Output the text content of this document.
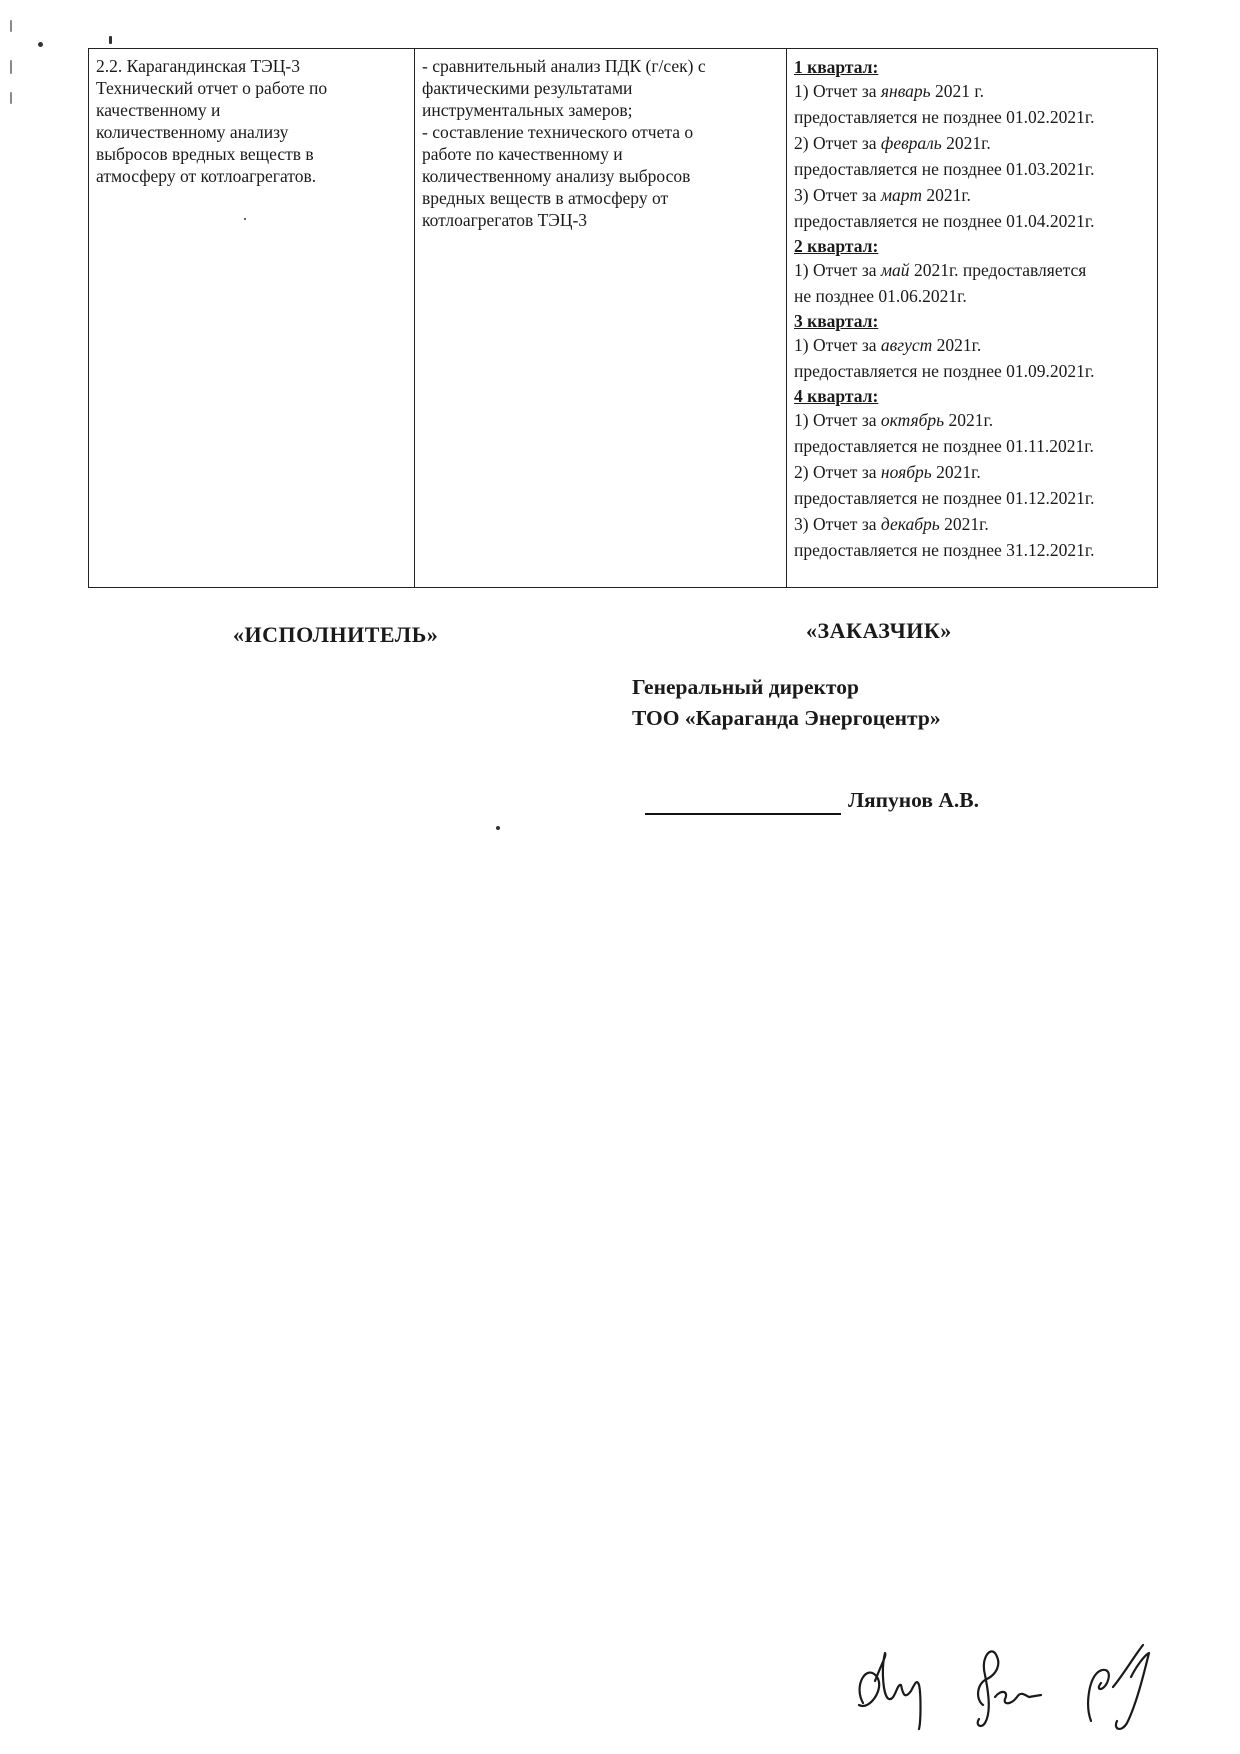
2.2. Карагандинская ТЭЦ-3
Технический отчет о работе по
качественному и
количественному анализу
выбросов вредных веществ в
атмосферу от котлоагрегатов.

- сравнительный анализ ПДК (г/сек) с
фактическими результатами
инструментальных замеров;
- составление технического отчета о
работе по качественному и
количественному анализу выбросов
вредных веществ в атмосферу от
котлоагрегатов ТЭЦ-3

1 квартал:
1) Отчет за январь 2021 г.
предоставляется не позднее 01.02.2021г.
2) Отчет за февраль 2021г.
предоставляется не позднее 01.03.2021г.
3) Отчет за март 2021г.
предоставляется не позднее 01.04.2021г.
2 квартал:
1) Отчет за май 2021г. предоставляется
не позднее 01.06.2021г.
3 квартал:
1) Отчет за август 2021г.
предоставляется не позднее 01.09.2021г.
4 квартал:
1) Отчет за октябрь 2021г.
предоставляется не позднее 01.11.2021г.
2) Отчет за ноябрь 2021г.
предоставляется не позднее 01.12.2021г.
3) Отчет за декабрь 2021г.
предоставляется не позднее 31.12.2021г.
«ИСПОЛНИТЕЛЬ»	«ЗАКАЗЧИК»
Генеральный директор
ТОО «Караганда Энергоцентр»
Ляпунов А.В.
